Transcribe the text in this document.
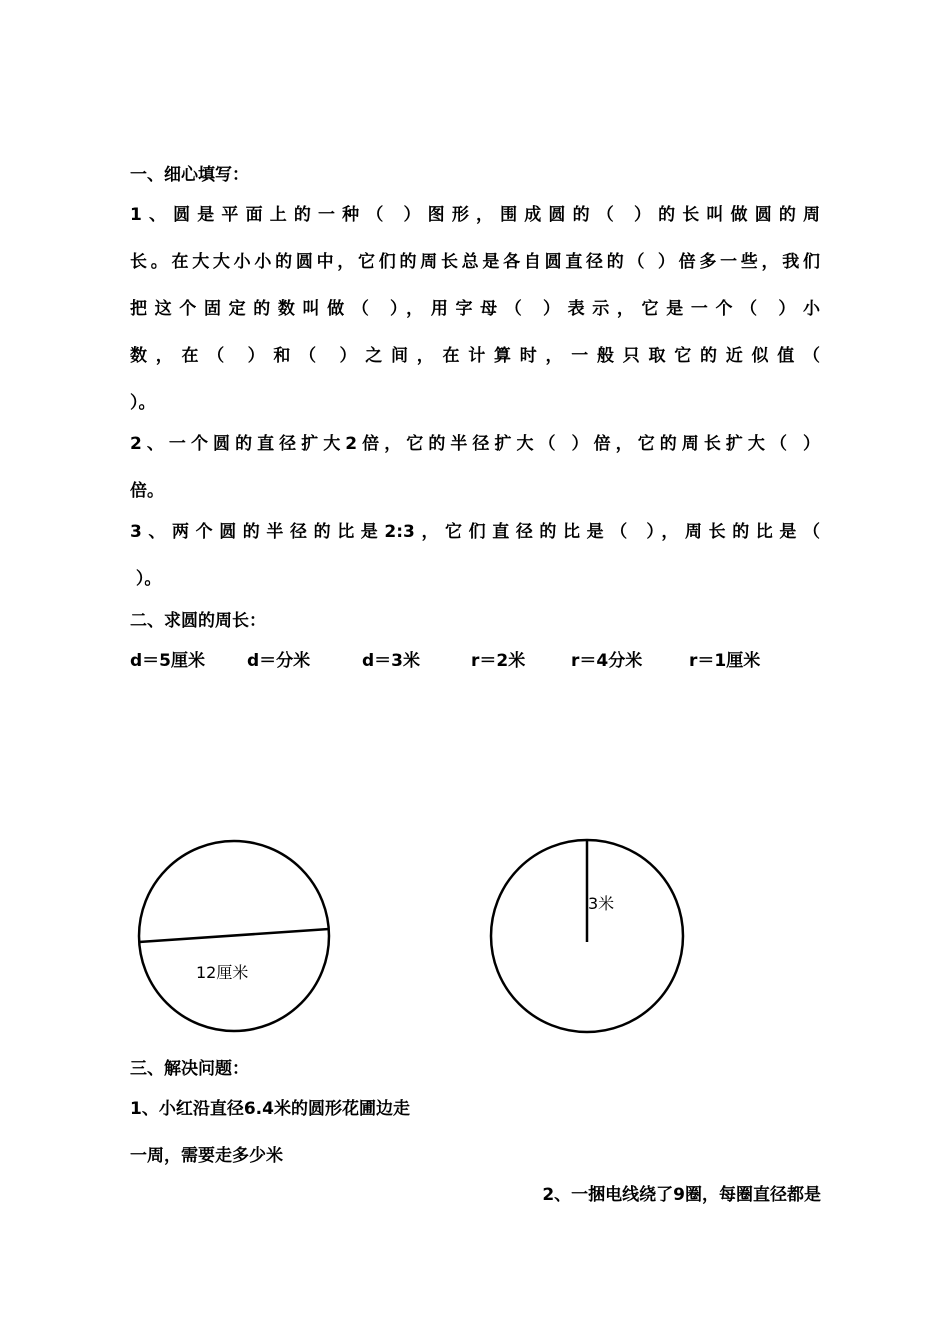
一、细心填写：
1、圆是平面上的一种（ ）图形，围成圆的（ ）的长叫做圆的周
长。在大大小小的圆中，它们的周长总是各自圆直径的（ ）倍多一些，我们
把这个固定的数叫做（ ），用字母（ ）表示，它是一个（ ）小
数，在（ ）和（ ）之间，在计算时，一般只取它的近似值（
）。
2、一个圆的直径扩大2倍，它的半径扩大（ ）倍，它的周长扩大（ ）
倍。
3、两个圆的半径的比是2:3，它们直径的比是（ ），周长的比是（
）。
二、求圆的周长：
d＝5厘米 d＝分米	d＝3米	r＝2米	r＝4分米	r＝1厘米
12厘米
3米
三、解决问题：
1、小红沿直径6.4米的圆形花圃边走
一周，需要走多少米
2、一捆电线绕了9圈，每圈直径都是
